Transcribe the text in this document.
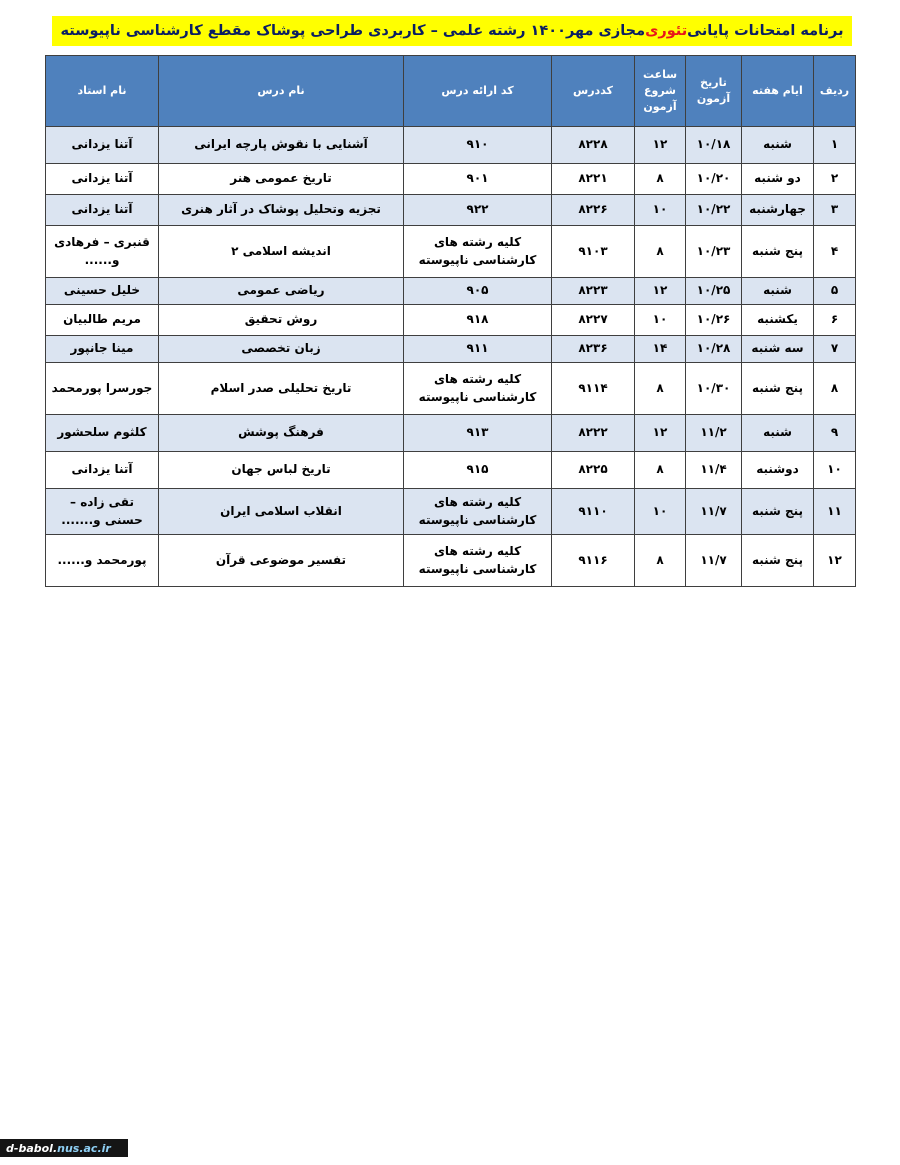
برنامه امتحانات پایانی
تئوری
مجازی مهر۱۴۰۰ رشته علمی – کاربردی طراحی پوشاک مقطع کارشناسی ناپیوسته
ردیف	ایام هفته	تاریخ آزمون	ساعت شروع آزمون	کددرس	کد ارائه درس	نام درس	نام استاد
۱	شنبه	۱۰/۱۸	۱۲	۸۲۲۸	۹۱۰	آشنایی با نقوش پارچه ایرانی	آتنا یزدانی
۲	دو شنبه	۱۰/۲۰	۸	۸۲۲۱	۹۰۱	تاریخ عمومی هنر	آتنا یزدانی
۳	جهارشنبه	۱۰/۲۲	۱۰	۸۲۲۶	۹۲۲	تجزیه وتحلیل پوشاک در آثار هنری	آتنا یزدانی
۴	پنج شنبه	۱۰/۲۳	۸	۹۱۰۳	کلیه رشته های کارشناسی ناپیوسته	اندیشه اسلامی ۲	قنبری – فرهادی و......
۵	شنبه	۱۰/۲۵	۱۲	۸۲۲۳	۹۰۵	ریاضی عمومی	خلیل حسینی
۶	یکشنبه	۱۰/۲۶	۱۰	۸۲۲۷	۹۱۸	روش تحقیق	مریم طالبیان
۷	سه شنبه	۱۰/۲۸	۱۴	۸۲۳۶	۹۱۱	زبان تخصصی	مینا جانپور
۸	پنج شنبه	۱۰/۳۰	۸	۹۱۱۴	کلیه رشته های کارشناسی ناپیوسته	تاریخ تحلیلی صدر اسلام	جورسرا پورمحمد
۹	شنبه	۱۱/۲	۱۲	۸۲۲۲	۹۱۳	فرهنگ پوشش	کلثوم سلحشور
۱۰	دوشنبه	۱۱/۴	۸	۸۲۲۵	۹۱۵	تاریخ لباس جهان	آتنا یزدانی
۱۱	پنج شنبه	۱۱/۷	۱۰	۹۱۱۰	کلیه رشته های کارشناسی ناپیوسته	انقلاب اسلامی ایران	تقی زاده – حسنی و.......
۱۲	پنج شنبه	۱۱/۷	۸	۹۱۱۶	کلیه رشته های کارشناسی ناپیوسته	تفسیر موضوعی قرآن	پورمحمد و......
d-babol. nus.ac.ir
